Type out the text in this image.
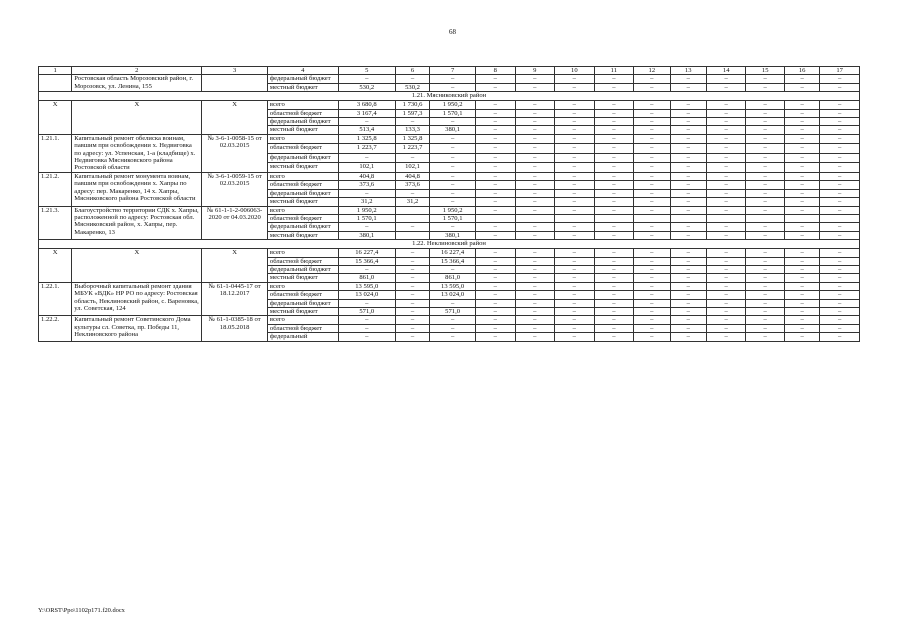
68
1	2	3	4	5	6	7	8	9	10	11	12	13	14	15	16	17
	Ростовская область Морозовский район, г. Морозовск, ул. Ленина, 155		федеральный бюджет	–	–	–	–	–	–	–	–	–	–	–	–	–
			местный бюджет	530,2	530,2	–	–	–	–	–	–	–	–	–	–	–
1.21. Мясниковский район																
Х	Х	Х	всего	3 680,8	1 730,6	1 950,2	–	–	–	–	–	–	–	–	–	–
			областной бюджет	3 167,4	1 597,3	1 570,1	–	–	–	–	–	–	–	–	–	–
			федеральный бюджет	–	–	–	–	–	–	–	–	–	–	–	–	–
			местный бюджет	513,4	133,3	380,1	–	–	–	–	–	–	–	–	–	–
1.21.1.	Капитальный ремонт обелиска воинам, павшим при освобождении х. Недвиговка по адресу: ул. Успенская, 1-а (кладбище) х. Недвиговка Мясниковского района Ростовской области	№ 3-6-1-0058-15 от 02.03.2015	всего	1 325,8	1 325,8	–	–	–	–	–	–	–	–	–	–	–
			областной бюджет	1 223,7	1 223,7	–	–	–	–	–	–	–	–	–	–	–
			федеральный бюджет	–	–	–	–	–	–	–	–	–	–	–	–	–
			местный бюджет	102,1	102,1	–	–	–	–	–	–	–	–	–	–	–
1.21.2.	Капитальный ремонт монумента воинам, павшим при освобождении х. Хапры по адресу: пер. Макаренко, 14 х. Хапры, Мясниковского района Ростовской области	№ 3-6-1-0059-15 от 02.03.2015	всего	404,8	404,8	–	–	–	–	–	–	–	–	–	–	–
			областной бюджет	373,6	373,6	–	–	–	–	–	–	–	–	–	–	–
			федеральный бюджет	–	–	–	–	–	–	–	–	–	–	–	–	–
			местный бюджет	31,2	31,2	–	–	–	–	–	–	–	–	–	–	–
1.21.3.	Благоустройство территории СДК х. Хапры, расположенной по адресу: Ростовская обл. Мясниковский район, х. Хапры, пер. Макаренко, 13	№ 61-1-1-2-006063-2020 от 04.03.2020	всего	1 950,2		1 950,2	–	–	–	–	–	–	–	–	–	–
			областной бюджет	1 570,1		1 570,1										
			федеральный бюджет	–	–	–	–	–	–	–	–	–	–	–	–	–
			местный бюджет	380,1		380,1	–	–	–	–	–	–	–	–	–	–
1.22. Неклиновский район																
Х	Х	Х	всего	16 227,4	–	16 227,4	–	–	–	–	–	–	–	–	–	–
			областной бюджет	15 366,4	–	15 366,4	–	–	–	–	–	–	–	–	–	–
			федеральный бюджет	–	–	–	–	–	–	–	–	–	–	–	–	–
			местный бюджет	861,0	–	861,0	–	–	–	–	–	–	–	–	–	–
1.22.1.	Выборочный капитальный ремонт здания МБУК «ВДК» НР РО по адресу: Ростовская область, Неклиновский район, с. Вареновка, ул. Советская, 124	№ 61-1-0445-17 от 18.12.2017	всего	13 595,0	–	13 595,0	–	–	–	–	–	–	–	–	–	–
			областной бюджет	13 024,0	–	13 024,0	–	–	–	–	–	–	–	–	–	–
			федеральный бюджет	–	–	–	–	–	–	–	–	–	–	–	–	–
			местный бюджет	571,0	–	571,0	–	–	–	–	–	–	–	–	–	–
1.22.2.	Капитальный ремонт Советинского Дома культуры сл. Советка, пр. Победы 11, Неклиновского района	№ 61-1-0385-18 от 18.05.2018	всего	–	–	–	–	–	–	–	–	–	–	–	–	–
			областной бюджет	–	–	–	–	–	–	–	–	–	–	–	–	–
			федеральный	–	–	–	–	–	–	–	–	–	–	–	–	–
Y:\ORST\Ppo\1102p171.f20.docx
